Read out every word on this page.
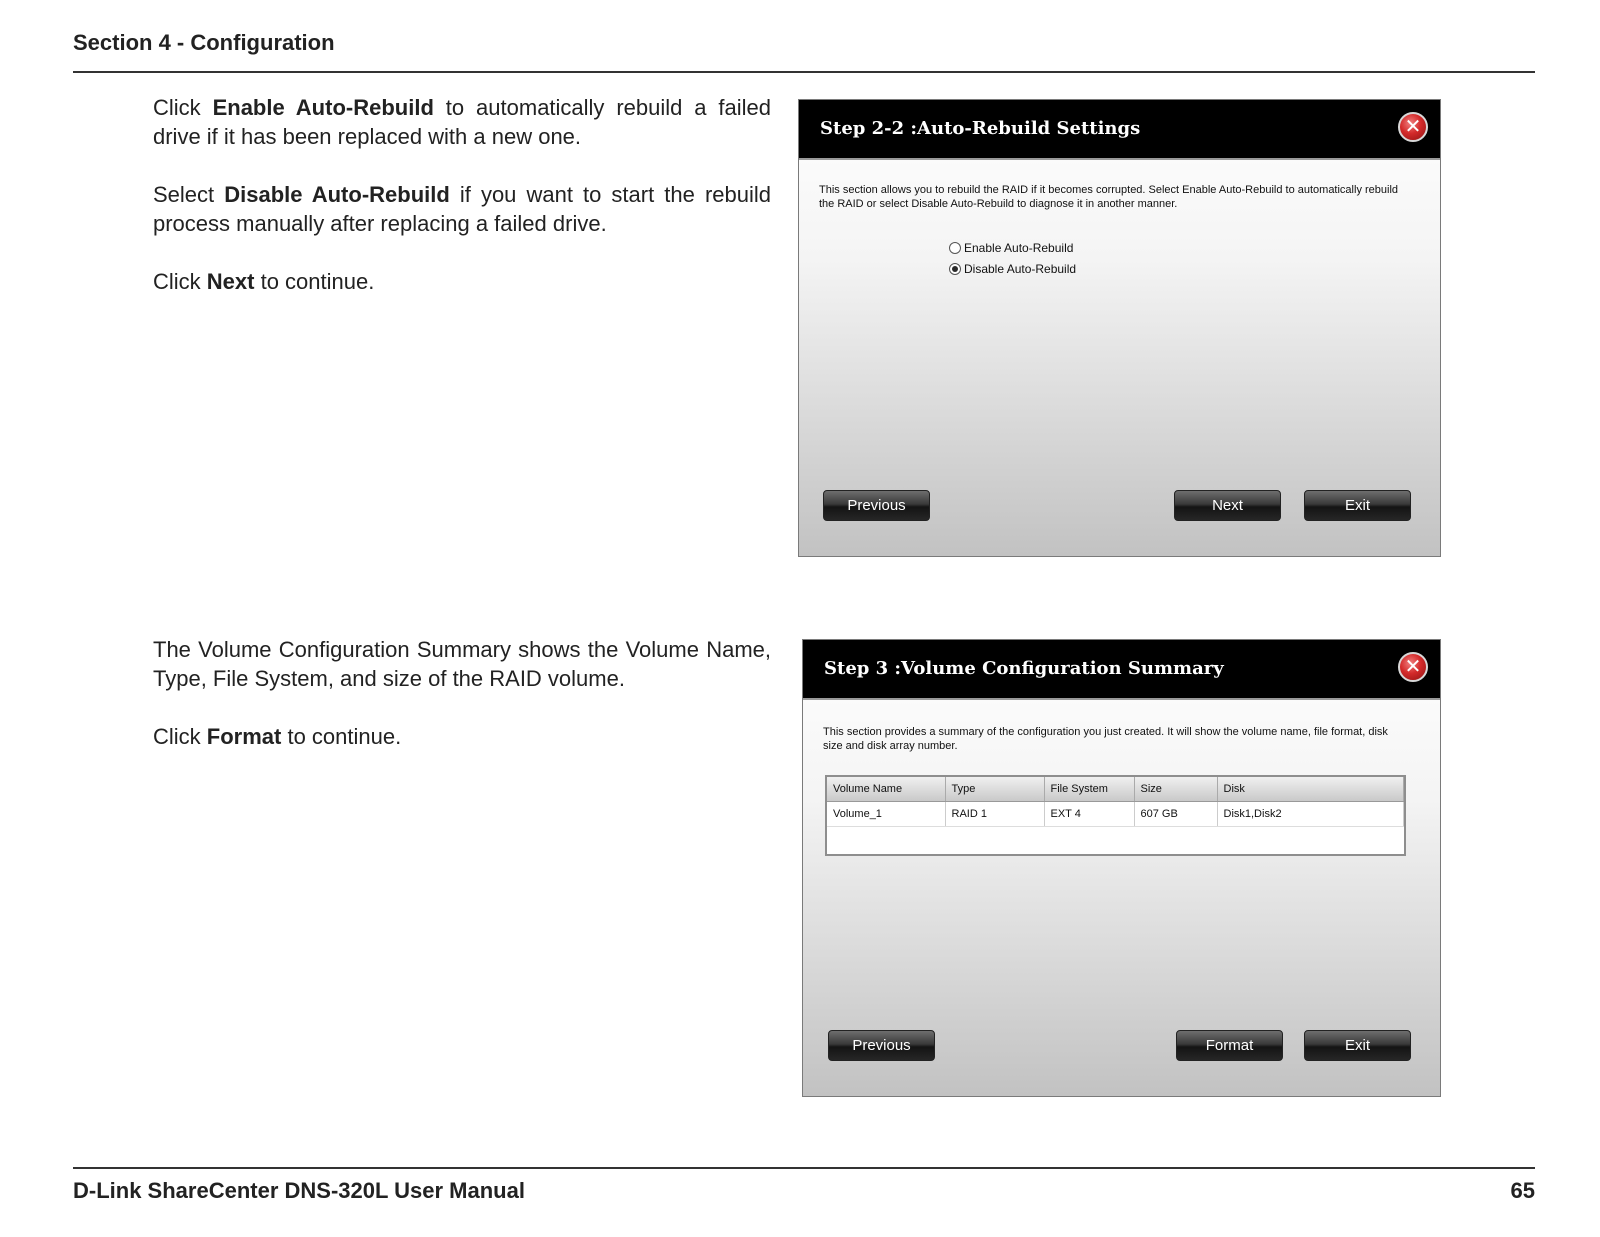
Section 4 - Configuration

Click Enable Auto-Rebuild to automatically rebuild a failed drive if it has been replaced with a new one.

Select Disable Auto-Rebuild if you want to start the rebuild process manually after replacing a failed drive.

Click Next to continue.

Step 2-2 :Auto-Rebuild Settings	✕
This section allows you to rebuild the RAID if it becomes corrupted. Select Enable Auto-Rebuild to automatically rebuild the RAID or select Disable Auto-Rebuild to diagnose it in another manner.
Enable Auto-Rebuild
Disable Auto-Rebuild
Previous	Next	Exit

The Volume Configuration Summary shows the Volume Name, Type, File System, and size of the RAID volume.

Click Format to continue.

Step 3 :Volume Configuration Summary	✕
This section provides a summary of the configuration you just created. It will show the volume name, file format, disk size and disk array number.
Volume Name	Type	File System	Size	Disk
Volume_1	RAID 1	EXT 4	607 GB	Disk1,Disk2
Previous	Format	Exit
D-Link ShareCenter DNS-320L User Manual	65
